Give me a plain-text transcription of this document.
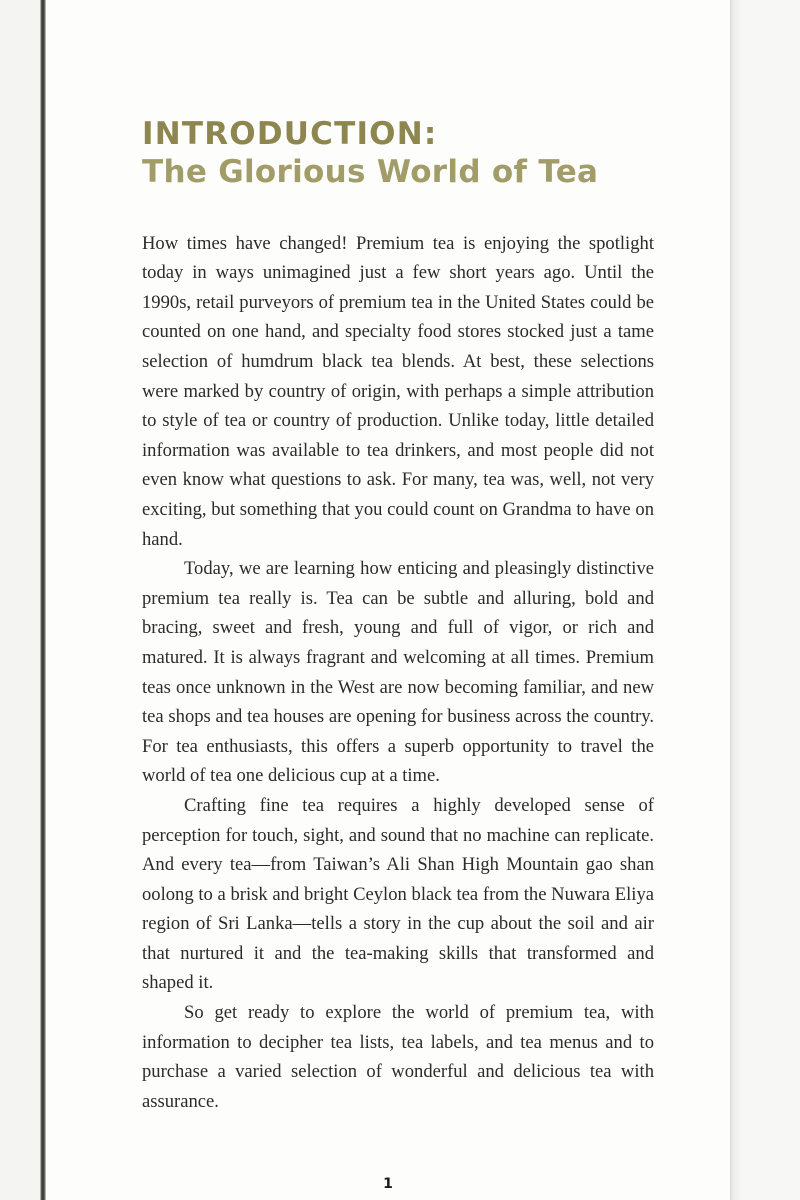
INTRODUCTION:
The Glorious World of Tea

How times have changed! Premium tea is enjoying the spotlight today in ways unimagined just a few short years ago. Until the 1990s, retail purveyors of premium tea in the United States could be counted on one hand, and specialty food stores stocked just a tame selection of humdrum black tea blends. At best, these selections were marked by country of origin, with perhaps a simple attribution to style of tea or country of production. Unlike today, little detailed information was available to tea drinkers, and most people did not even know what questions to ask. For many, tea was, well, not very exciting, but something that you could count on Grandma to have on hand.

Today, we are learning how enticing and pleasingly distinctive premium tea really is. Tea can be subtle and alluring, bold and bracing, sweet and fresh, young and full of vigor, or rich and matured. It is always fragrant and welcoming at all times. Premium teas once unknown in the West are now becoming familiar, and new tea shops and tea houses are opening for business across the country. For tea enthusiasts, this offers a superb opportunity to travel the world of tea one delicious cup at a time.

Crafting fine tea requires a highly developed sense of perception for touch, sight, and sound that no machine can replicate. And every tea—from Taiwan’s Ali Shan High Mountain gao shan oolong to a brisk and bright Ceylon black tea from the Nuwara Eliya region of Sri Lanka—tells a story in the cup about the soil and air that nurtured it and the tea-making skills that transformed and shaped it.

So get ready to explore the world of premium tea, with information to decipher tea lists, tea labels, and tea menus and to purchase a varied selection of wonderful and delicious tea with assurance.

1
